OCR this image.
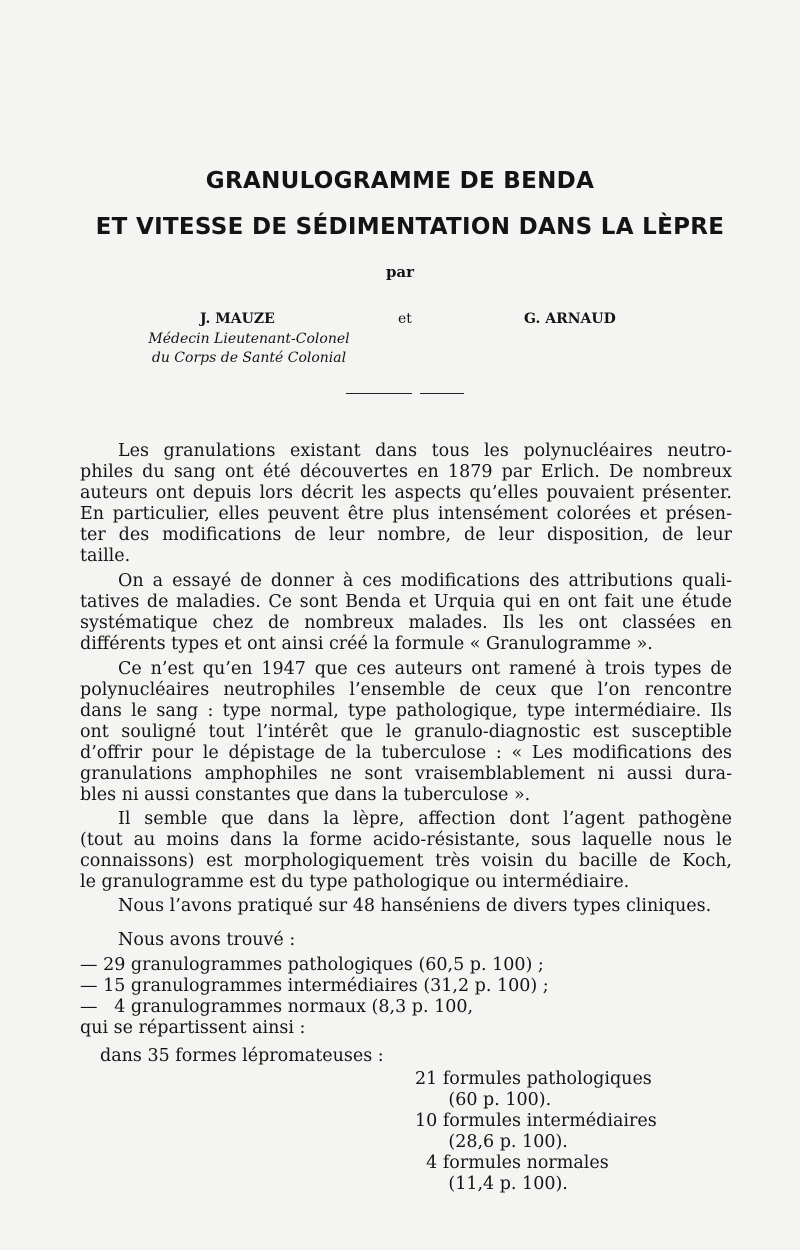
GRANULOGRAMME DE BENDA
ET VITESSE DE SÉDIMENTATION DANS LA LÈPRE
par
J. MAUZE	et	G. ARNAUD
Médecin Lieutenant-Colonel
du Corps de Santé Colonial
Les granulations existant dans tous les polynucléaires neutro-
philes du sang ont été découvertes en 1879 par Erlich. De nombreux
auteurs ont depuis lors décrit les aspects qu’elles pouvaient présenter.
En particulier, elles peuvent être plus intensément colorées et présen-
ter des modifications de leur nombre, de leur disposition, de leur
taille.
On a essayé de donner à ces modifications des attributions quali-
tatives de maladies. Ce sont Benda et Urquia qui en ont fait une étude
systématique chez de nombreux malades. Ils les ont classées en
différents types et ont ainsi créé la formule « Granulogramme ».
Ce n’est qu’en 1947 que ces auteurs ont ramené à trois types de
polynucléaires neutrophiles l’ensemble de ceux que l’on rencontre
dans le sang : type normal, type pathologique, type intermédiaire. Ils
ont souligné tout l’intérêt que le granulo-diagnostic est susceptible
d’offrir pour le dépistage de la tuberculose : « Les modifications des
granulations amphophiles ne sont vraisemblablement ni aussi dura-
bles ni aussi constantes que dans la tuberculose ».
Il semble que dans la lèpre, affection dont l’agent pathogène
(tout au moins dans la forme acido-résistante, sous laquelle nous le
connaissons) est morphologiquement très voisin du bacille de Koch,
le granulogramme est du type pathologique ou intermédiaire.
Nous l’avons pratiqué sur 48 hanséniens de divers types cliniques.
Nous avons trouvé :
— 29 granulogrammes pathologiques (60,5 p. 100) ;
— 15 granulogrammes intermédiaires (31,2 p. 100) ;
—   4 granulogrammes normaux (8,3 p. 100,
qui se répartissent ainsi :
dans 35 formes lépromateuses :
21 formules pathologiques
(60 p. 100).
10 formules intermédiaires
(28,6 p. 100).
4 formules normales
(11,4 p. 100).
